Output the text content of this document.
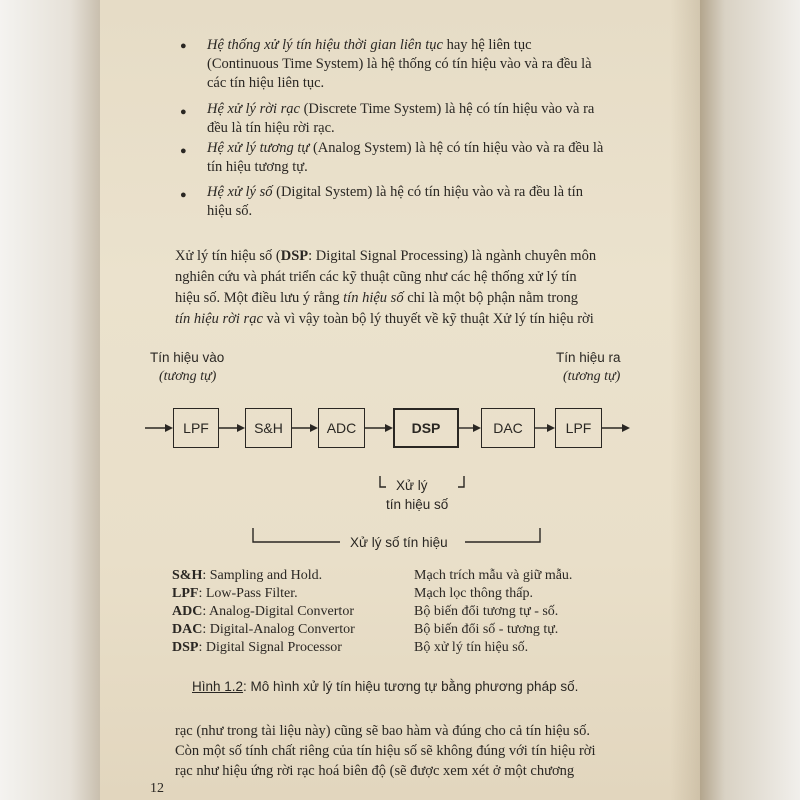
● Hệ thống xử lý tín hiệu thời gian liên tục hay hệ liên tục
(Continuous Time System) là hệ thống có tín hiệu vào và ra đều là
các tín hiệu liên tục.
● Hệ xử lý rời rạc (Discrete Time System) là hệ có tín hiệu vào và ra
đều là tín hiệu rời rạc.
● Hệ xử lý tương tự (Analog System) là hệ có tín hiệu vào và ra đều là
tín hiệu tương tự.
● Hệ xử lý số (Digital System) là hệ có tín hiệu vào và ra đều là tín
hiệu số.
Xử lý tín hiệu số (DSP: Digital Signal Processing) là ngành chuyên môn
nghiên cứu và phát triển các kỹ thuật cũng như các hệ thống xử lý tín
hiệu số. Một điều lưu ý rằng tín hiệu số chỉ là một bộ phận nằm trong
tín hiệu rời rạc và vì vậy toàn bộ lý thuyết về kỹ thuật Xử lý tín hiệu rời
Tín hiệu vào
(tương tự)
Tín hiệu ra
(tương tự)
LPF	S&H	ADC	DSP	DAC	LPF
Xử lý
tín hiệu số
Xử lý số tín hiệu
S&H: Sampling and Hold.	Mạch trích mẫu và giữ mẫu.
LPF: Low-Pass Filter.	Mạch lọc thông thấp.
ADC: Analog-Digital Convertor	Bộ biến đổi tương tự - số.
DAC: Digital-Analog Convertor	Bộ biến đổi số - tương tự.
DSP: Digital Signal Processor	Bộ xử lý tín hiệu số.
Hình 1.2: Mô hình xử lý tín hiệu tương tự bằng phương pháp số.
rạc (như trong tài liệu này) cũng sẽ bao hàm và đúng cho cả tín hiệu số.
Còn một số tính chất riêng của tín hiệu số sẽ không đúng với tín hiệu rời
rạc như hiệu ứng rời rạc hoá biên độ (sẽ được xem xét ở một chương
12
